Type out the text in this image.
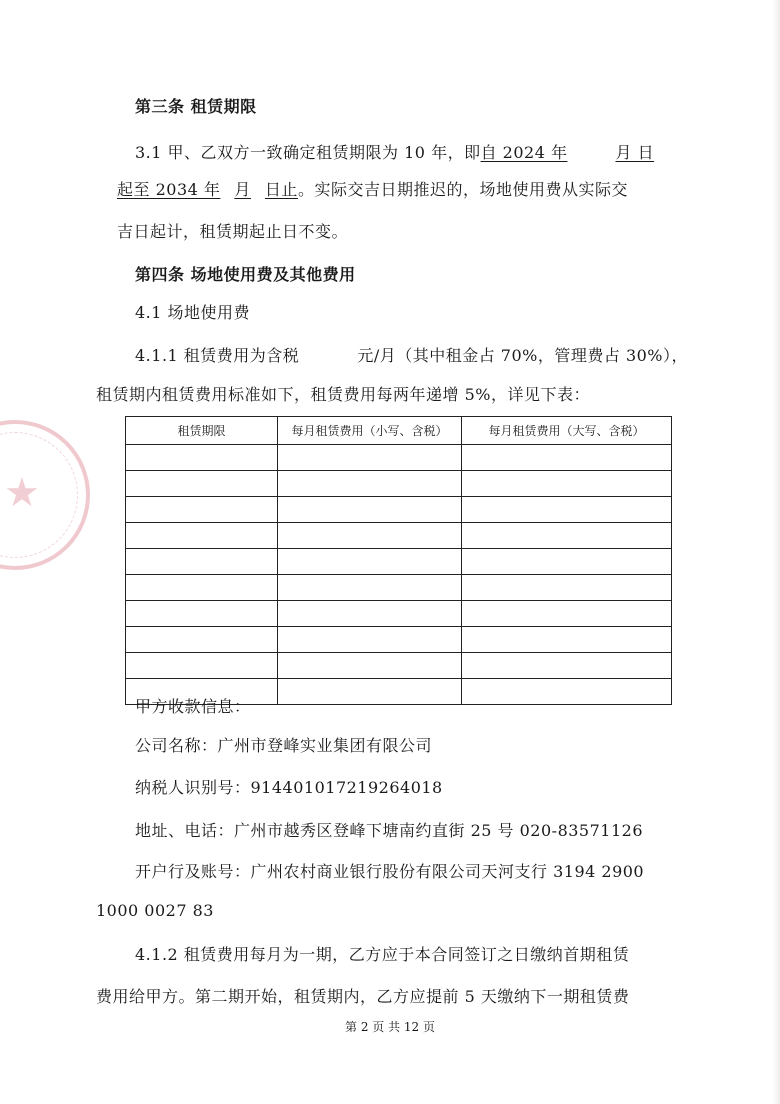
★
第三条 租赁期限
3.1 甲、乙双方一致确定租赁期限为 10 年，即自 2024 年	月 日
起至 2034 年 月 日止。实际交吉日期推迟的，场地使用费从实际交
吉日起计，租赁期起止日不变。
第四条 场地使用费及其他费用
4.1 场地使用费
4.1.1 租赁费用为含税	元/月（其中租金占 70%，管理费占 30%），
租赁期内租赁费用标准如下，租赁费用每两年递增 5%，详见下表：
租赁期限	每月租赁费用（小写、含税）	每月租赁费用（大写、含税）

甲方收款信息：
公司名称：广州市登峰实业集团有限公司
纳税人识别号：914401017219264018
地址、电话：广州市越秀区登峰下塘南约直街 25 号 020-83571126
开户行及账号：广州农村商业银行股份有限公司天河支行 3194 2900
1000 0027 83
4.1.2 租赁费用每月为一期，乙方应于本合同签订之日缴纳首期租赁
费用给甲方。第二期开始，租赁期内，乙方应提前 5 天缴纳下一期租赁费
第 2 页 共 12 页
